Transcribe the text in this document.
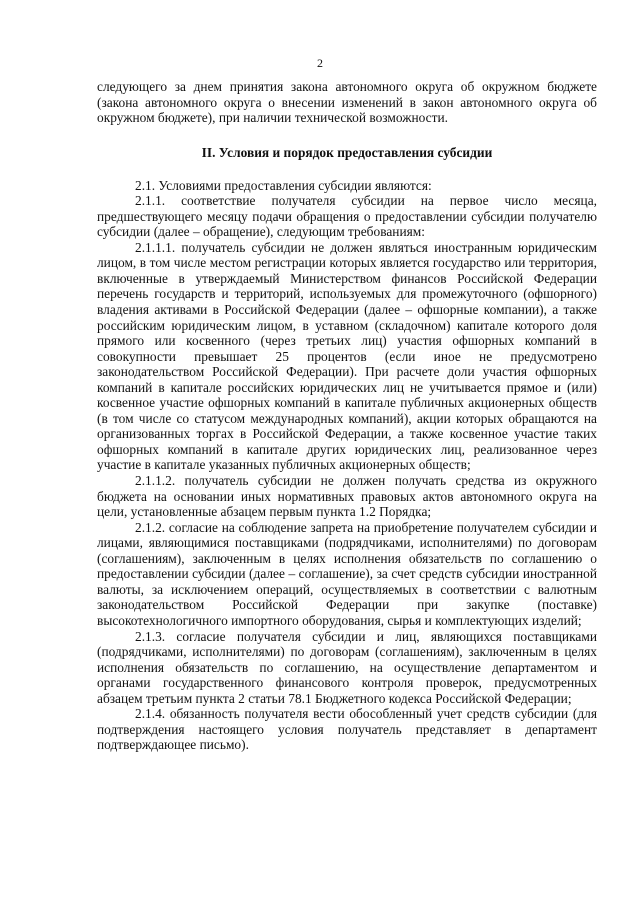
2

следующего за днем принятия закона автономного округа об окружном бюджете (закона автономного округа о внесении изменений в закон автономного округа об окружном бюджете), при наличии технической возможности.

II. Условия и порядок предоставления субсидии

2.1. Условиями предоставления субсидии являются:

2.1.1. соответствие получателя субсидии на первое число месяца, предшествующего месяцу подачи обращения о предоставлении субсидии получателю субсидии (далее – обращение), следующим требованиям:

2.1.1.1. получатель субсидии не должен являться иностранным юридическим лицом, в том числе местом регистрации которых является государство или территория, включенные в утверждаемый Министерством финансов Российской Федерации перечень государств и территорий, используемых для промежуточного (офшорного) владения активами в Российской Федерации (далее – офшорные компании), а также российским юридическим лицом, в уставном (складочном) капитале которого доля прямого или косвенного (через третьих лиц) участия офшорных компаний в совокупности превышает 25 процентов (если иное не предусмотрено законодательством Российской Федерации). При расчете доли участия офшорных компаний в капитале российских юридических лиц не учитывается прямое и (или) косвенное участие офшорных компаний в капитале публичных акционерных обществ (в том числе со статусом международных компаний), акции которых обращаются на организованных торгах в Российской Федерации, а также косвенное участие таких офшорных компаний в капитале других юридических лиц, реализованное через участие в капитале указанных публичных акционерных обществ;

2.1.1.2. получатель субсидии не должен получать средства из окружного бюджета на основании иных нормативных правовых актов автономного округа на цели, установленные абзацем первым пункта 1.2 Порядка;

2.1.2. согласие на соблюдение запрета на приобретение получателем субсидии и лицами, являющимися поставщиками (подрядчиками, исполнителями) по договорам (соглашениям), заключенным в целях исполнения обязательств по соглашению о предоставлении субсидии (далее – соглашение), за счет средств субсидии иностранной валюты, за исключением операций, осуществляемых в соответствии с валютным законодательством Российской Федерации при закупке (поставке) высокотехнологичного импортного оборудования, сырья и комплектующих изделий;

2.1.3. согласие получателя субсидии и лиц, являющихся поставщиками (подрядчиками, исполнителями) по договорам (соглашениям), заключенным в целях исполнения обязательств по соглашению, на осуществление департаментом и органами государственного финансового контроля проверок, предусмотренных абзацем третьим пункта 2 статьи 78.1 Бюджетного кодекса Российской Федерации;

2.1.4. обязанность получателя вести обособленный учет средств субсидии (для подтверждения настоящего условия получатель представляет в департамент подтверждающее письмо).
